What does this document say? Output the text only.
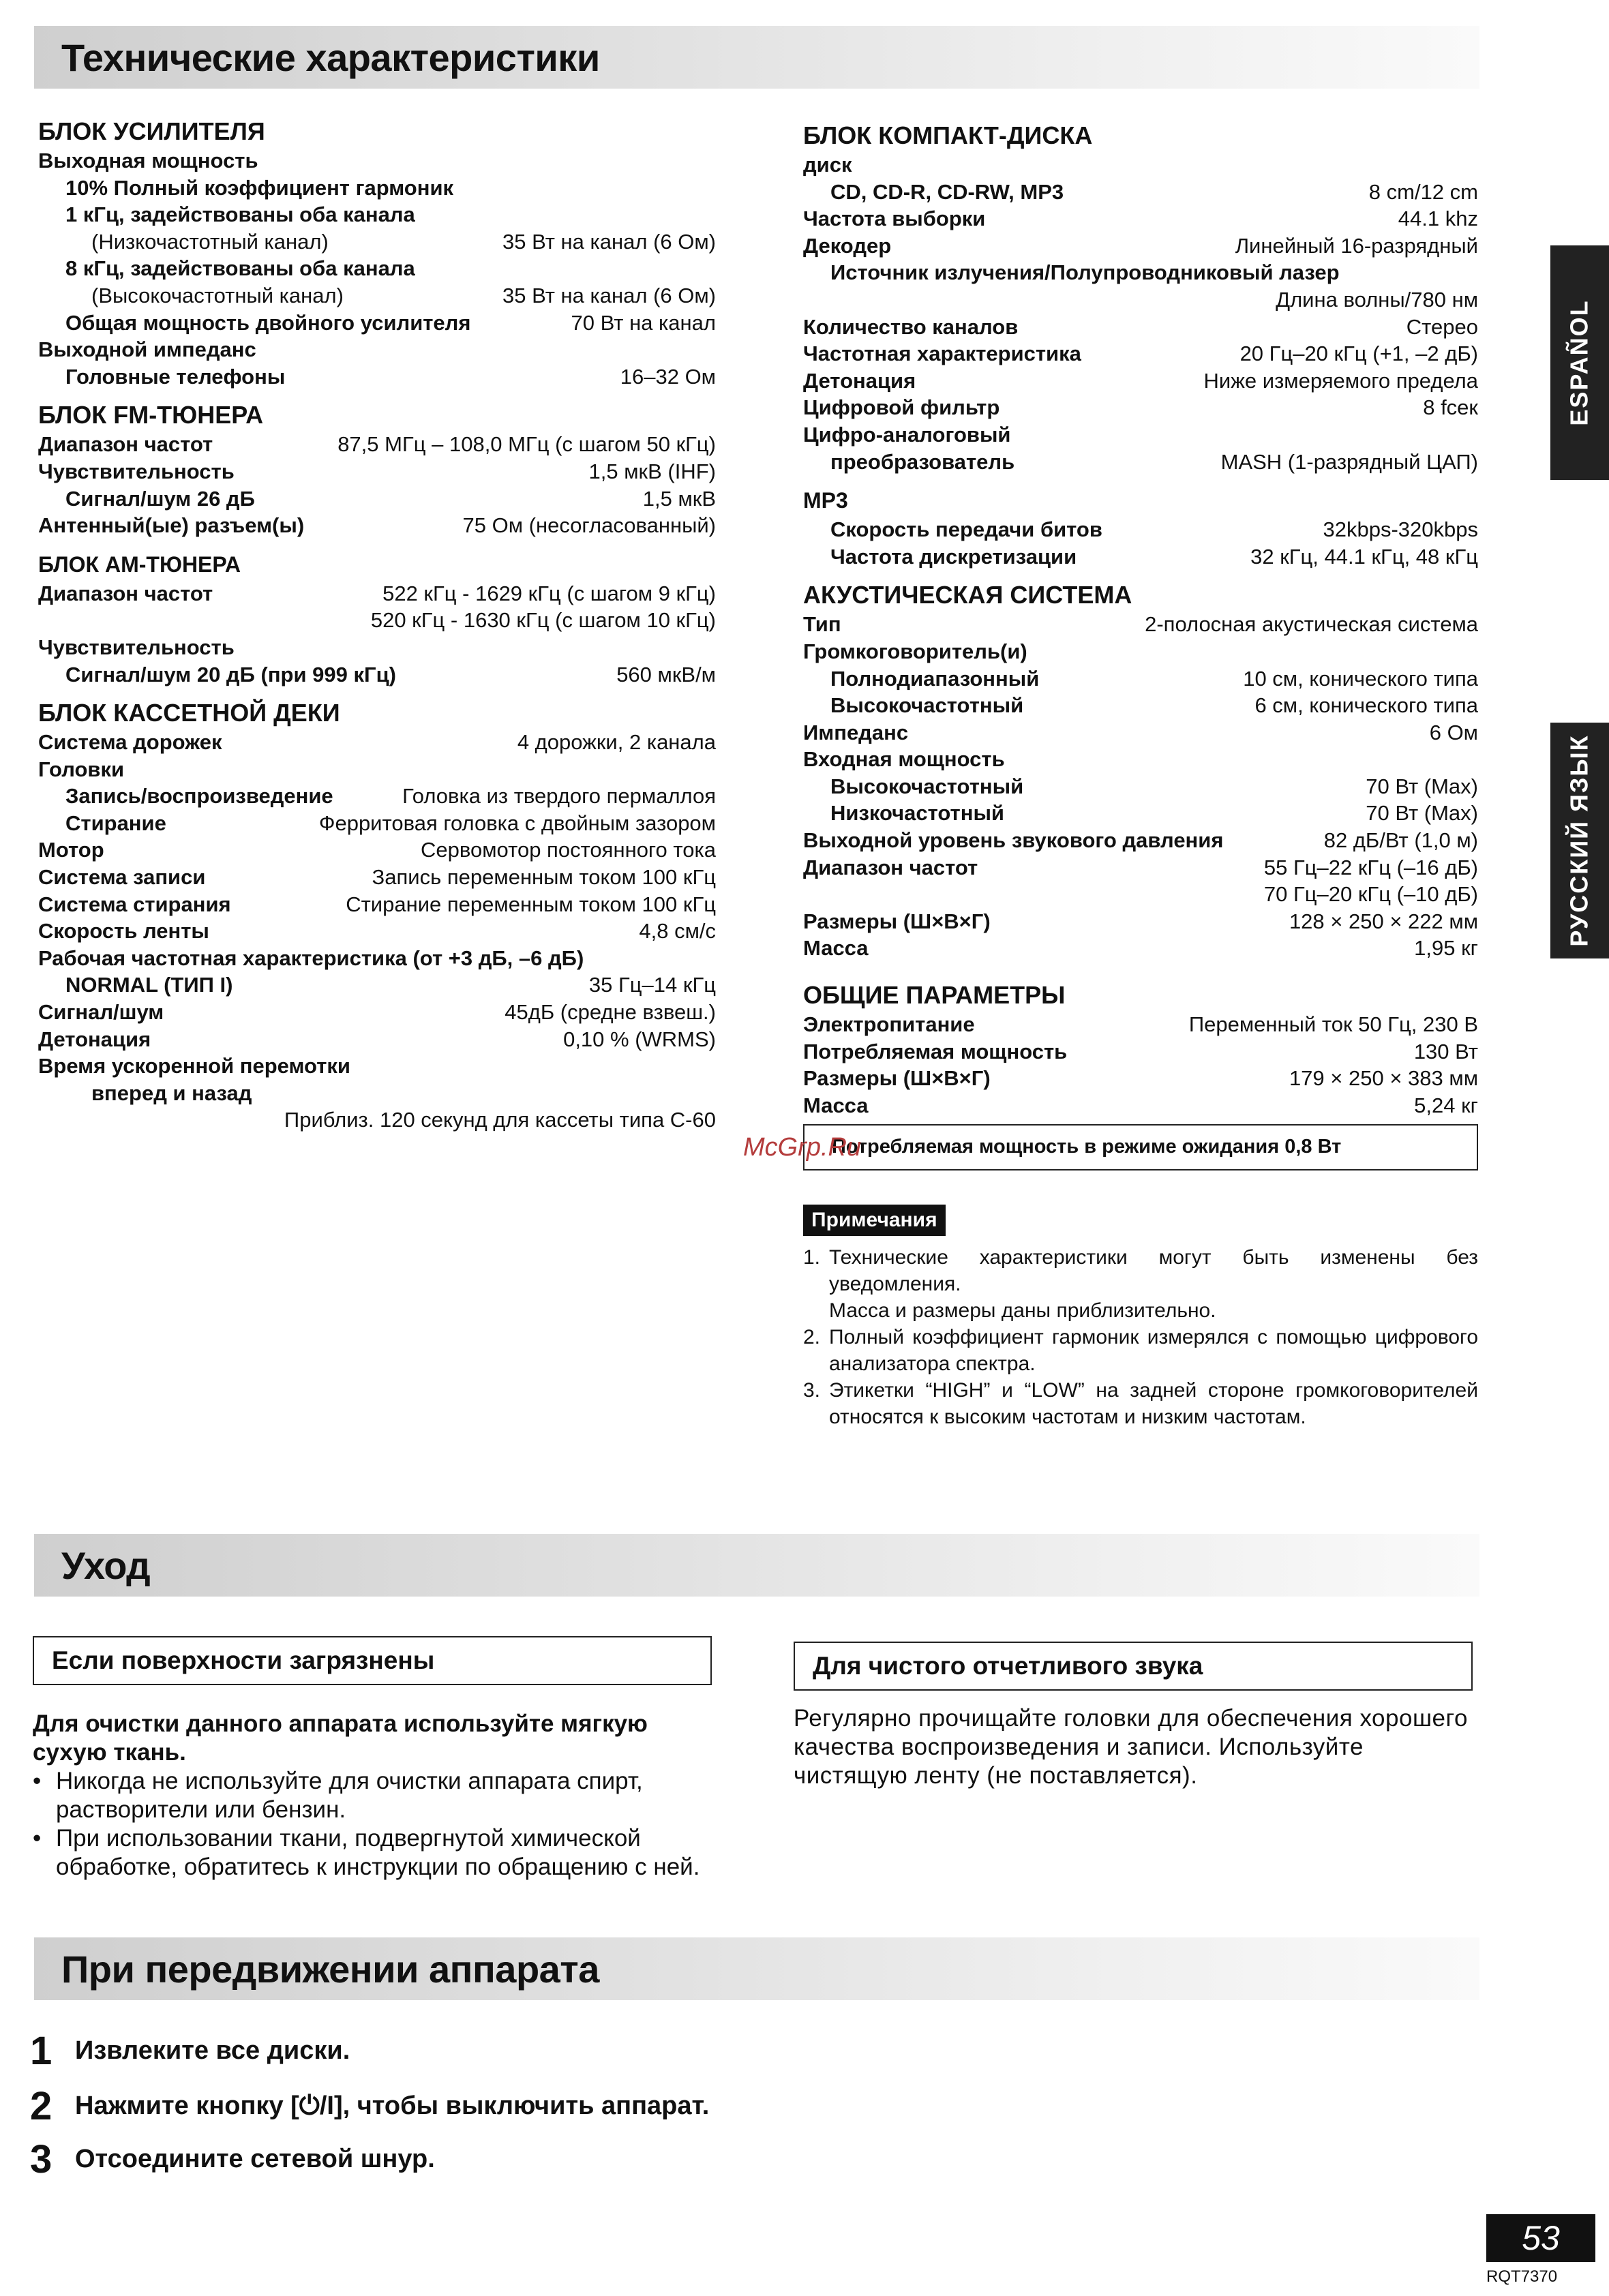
Технические характеристики
БЛОК УСИЛИТЕЛЯ
Выходная мощность
10% Полный коэффициент гармоник
1 кГц, задействованы оба канала
(Низкочастотный канал)	35 Вт на канал (6 Ом)
8 кГц, задействованы оба канала
(Высокочастотный канал)	35 Вт на канал (6 Ом)
Общая мощность двойного усилителя	70 Вт на канал
Выходной импеданс
Головные телефоны	16–32 Ом
БЛОК FM-ТЮНЕРА
Диапазон частот	87,5 МГц – 108,0 МГц (с шагом 50 кГц)
Чувствительность	1,5 мкВ (IHF)
Сигнал/шум 26 дБ	1,5 мкВ
Антенный(ые) разъем(ы)	75 Ом (несогласованный)
БЛОК АМ-ТЮНЕРА
Диапазон частот	522 кГц - 1629 кГц (с шагом 9 кГц)
520 кГц - 1630 кГц (с шагом 10 кГц)
Чувствительность
Сигнал/шум 20 дБ (при 999 кГц)	560 мкВ/м
БЛОК КАССЕТНОЙ ДЕКИ
Система дорожек	4 дорожки, 2 канала
Головки
Запись/воспроизведение	Головка из твердого пермаллоя
Стирание	Ферритовая головка с двойным зазором
Мотор	Сервомотор постоянного тока
Система записи	Запись переменным током 100 кГц
Система стирания	Стирание переменным током 100 кГц
Скорость ленты	4,8 см/с
Рабочая частотная характеристика (от +3 дБ, –6 дБ)
NORMAL (ТИП I)	35 Гц–14 кГц
Сигнал/шум	45дБ (средне взвеш.)
Детонация	0,10 % (WRMS)
Время ускоренной перемотки
вперед и назад
Приблиз. 120 секунд для кассеты типа С-60
БЛОК КОМПАКТ-ДИСКА
диск
CD, CD-R, CD-RW, MP3	8 cm/12 cm
Частота выборки	44.1 khz
Декодер	Линейный 16-разрядный
Источник излучения/Полупроводниковый лазер
Длина волны/780 нм
Количество каналов	Стерео
Частотная характеристика	20 Гц–20 кГц (+1, –2 дБ)
Детонация	Ниже измеряемого предела
Цифровой фильтр	8 fсек
Цифро-аналоговый
преобразователь	MASH (1-разрядный ЦАП)
MP3
Скорость передачи битов	32kbps-320kbps
Частота дискретизации	32 кГц, 44.1 кГц, 48 кГц
АКУСТИЧЕСКАЯ СИСТЕМА
Тип	2-полосная акустическая система
Громкоговоритель(и)
Полнодиапазонный	10 см, конического типа
Высокочастотный	6 см, конического типа
Импеданс	6 Ом
Входная мощность
Высокочастотный	70 Вт (Max)
Низкочастотный	70 Вт (Max)
Выходной уровень звукового давления	82 дБ/Вт (1,0 м)
Диапазон частот	55 Гц–22 кГц (–16 дБ)
70 Гц–20 кГц (–10 дБ)
Размеры (Ш×В×Г)	128 × 250 × 222 мм
Масса	1,95 кг
ОБЩИЕ ПАРАМЕТРЫ
Электропитание	Переменный ток 50 Гц, 230 В
Потребляемая мощность	130 Вт
Размеры (Ш×В×Г)	179 × 250 × 383 мм
Масса	5,24 кг
Потребляемая мощность в режиме ожидания 0,8 Вт
Примечания
1. Технические характеристики могут быть изменены без уведомления.
Масса и размеры даны приблизительно.
2. Полный коэффициент гармоник измерялся с помощью цифрового анализатора спектра.
3. Этикетки “HIGH” и “LOW” на задней стороне громкоговорителей относятся к высоким частотам и низким частотам.
ESPAÑOL
РУССКИЙ ЯЗЫК
McGrp.Ru
Уход
Если поверхности загрязнены
Для очистки данного аппарата используйте мягкую сухую ткань.
• Никогда не используйте для очистки аппарата спирт, растворители или бензин.
• При использовании ткани, подвергнутой химической обработке, обратитесь к инструкции по обращению с ней.
Для чистого отчетливого звука
Регулярно прочищайте головки для обеспечения хорошего качества воспроизведения и записи. Используйте чистящую ленту (не поставляется).
При передвижении аппарата
1 Извлеките все диски.
2 Нажмите кнопку [⏻/I], чтобы выключить аппарат.
3 Отсоедините сетевой шнур.
53
RQT7370
